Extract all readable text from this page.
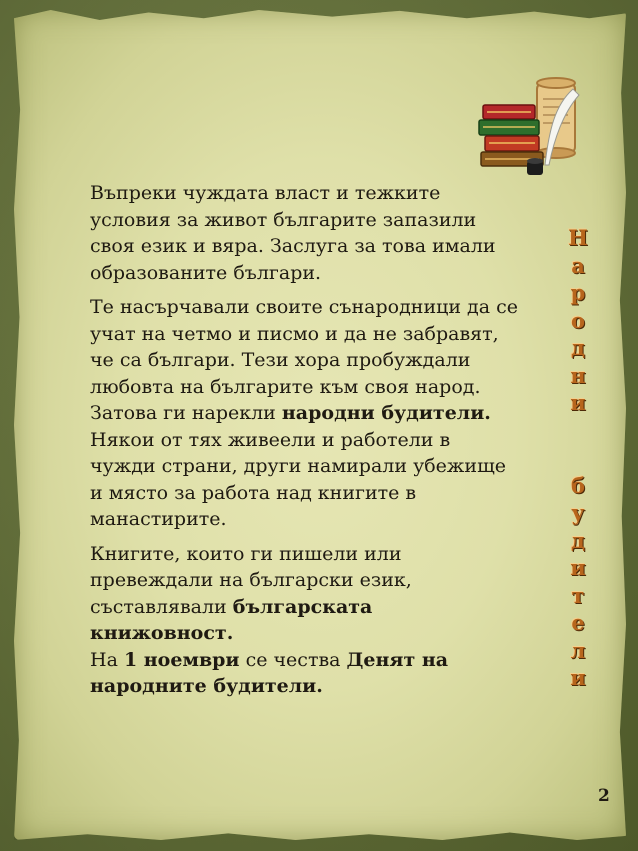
Въпреки чуждата власт и тежките условия за живот българите запазили своя език и вяра. Заслуга за това имали образованите българи.

Те насърчавали своите сънародници да се учат на четмо и писмо и да не забравят, че са българи. Тези хора пробуждали любовта на българите към своя народ. Затова ги нарекли народни будители. Някои от тях живеели и работели в чужди страни, други намирали убежище и място за работа над книгите в манастирите.

Книгите, които ги пишели или превеждали на български език, съставлявали българската книжовност.
На 1 ноември се чества Денят на народните будители.

Н
а
р
о
д
н
и
б
у
д
и
т
е
л
и
2
